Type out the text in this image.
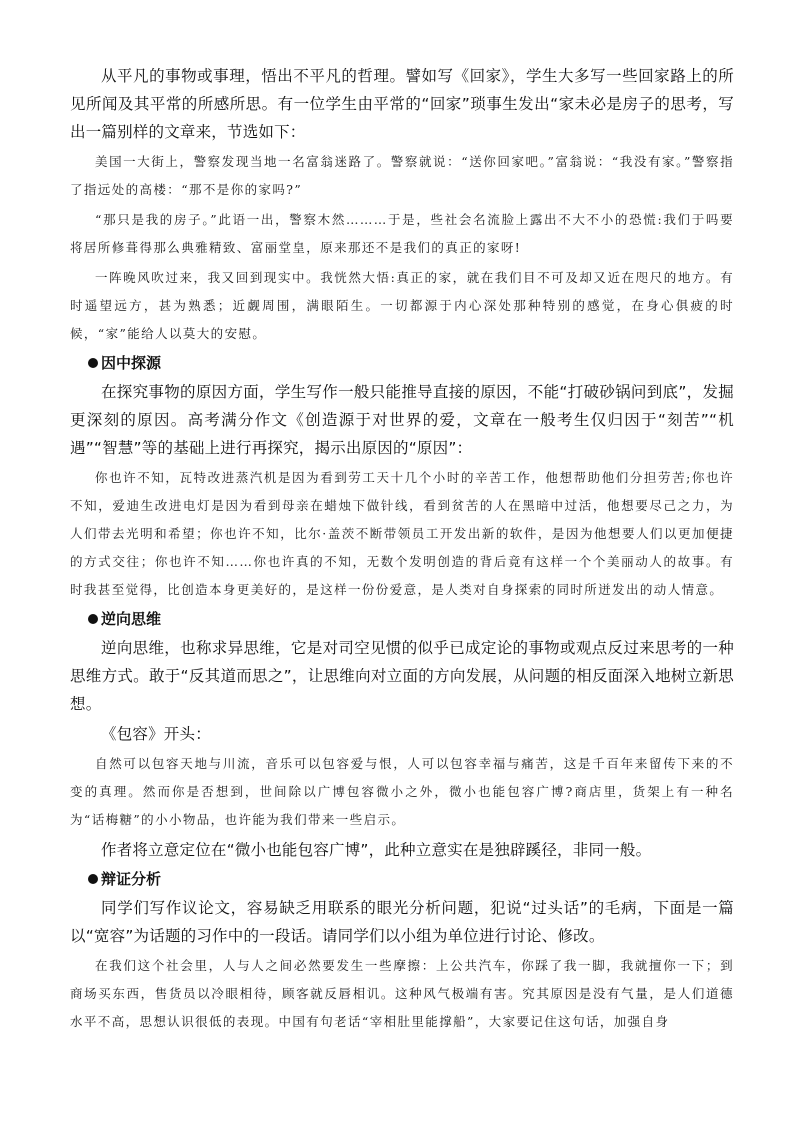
从平凡的事物或事理，悟出不平凡的哲理。譬如写《回家》，学生大多写一些回家路上的所见所闻及其平常的所感所思。有一位学生由平常的“回家”琐事生发出“家未必是房子的思考，写出一篇别样的文章来，节选如下：

美国一大街上，警察发现当地一名富翁迷路了。警察就说：“送你回家吧。”富翁说：“我没有家。”警察指了指远处的高楼：“那不是你的家吗?”

“那只是我的房子。”此语一出，警察木然………于是，些社会名流脸上露出不大不小的恐慌:我们于吗要将居所修葺得那么典雅精致、富丽堂皇，原来那还不是我们的真正的家呀!

一阵晚风吹过来，我又回到现实中。我恍然大悟:真正的家，就在我们目不可及却又近在咫尺的地方。有时遥望远方，甚为熟悉；近觑周围，满眼陌生。一切都源于内心深处那种特别的感觉，在身心俱疲的时候，“家”能给人以莫大的安慰。

因中探源

在探究事物的原因方面，学生写作一般只能推导直接的原因，不能“打破砂锅问到底”，发掘更深刻的原因。高考满分作文《创造源于对世界的爱，文章在一般考生仅归因于“刻苦”“机遇”“智慧”等的基础上进行再探究，揭示出原因的“原因”：

你也许不知，瓦特改进蒸汽机是因为看到劳工天十几个小时的辛苦工作，他想帮助他们分担劳苦;你也许不知，爱迪生改进电灯是因为看到母亲在蜡烛下做针线，看到贫苦的人在黑暗中过活，他想要尽己之力，为人们带去光明和希望；你也许不知，比尔·盖茨不断带领员工开发出新的软件，是因为他想要人们以更加便捷的方式交往；你也许不知……你也许真的不知，无数个发明创造的背后竟有这样一个个美丽动人的故事。有时我甚至觉得，比创造本身更美好的，是这样一份份爱意，是人类对自身探索的同时所迸发出的动人情意。

逆向思维

逆向思维，也称求异思维，它是对司空见惯的似乎已成定论的事物或观点反过来思考的一种思维方式。敢于“反其道而思之”，让思维向对立面的方向发展，从问题的相反面深入地树立新思想。

《包容》开头：

自然可以包容天地与川流，音乐可以包容爱与恨，人可以包容幸福与痛苦，这是千百年来留传下来的不变的真理。然而你是否想到，世间除以广博包容微小之外，微小也能包容广博?商店里，货架上有一种名为“话梅糖”的小小物品，也许能为我们带来一些启示。

作者将立意定位在“微小也能包容广博”，此种立意实在是独辟蹊径，非同一般。

辩证分析

同学们写作议论文，容易缺乏用联系的眼光分析问题，犯说“过头话”的毛病，下面是一篇以“宽容”为话题的习作中的一段话。请同学们以小组为单位进行讨论、修改。

在我们这个社会里，人与人之间必然要发生一些摩擦：上公共汽车，你踩了我一脚，我就擅你一下；到商场买东西，售货员以冷眼相待，顾客就反唇相讥。这种风气极端有害。究其原因是没有气量，是人们道德水平不高，思想认识很低的表现。中国有句老话“宰相肚里能撑船”，大家要记住这句话，加强自身
